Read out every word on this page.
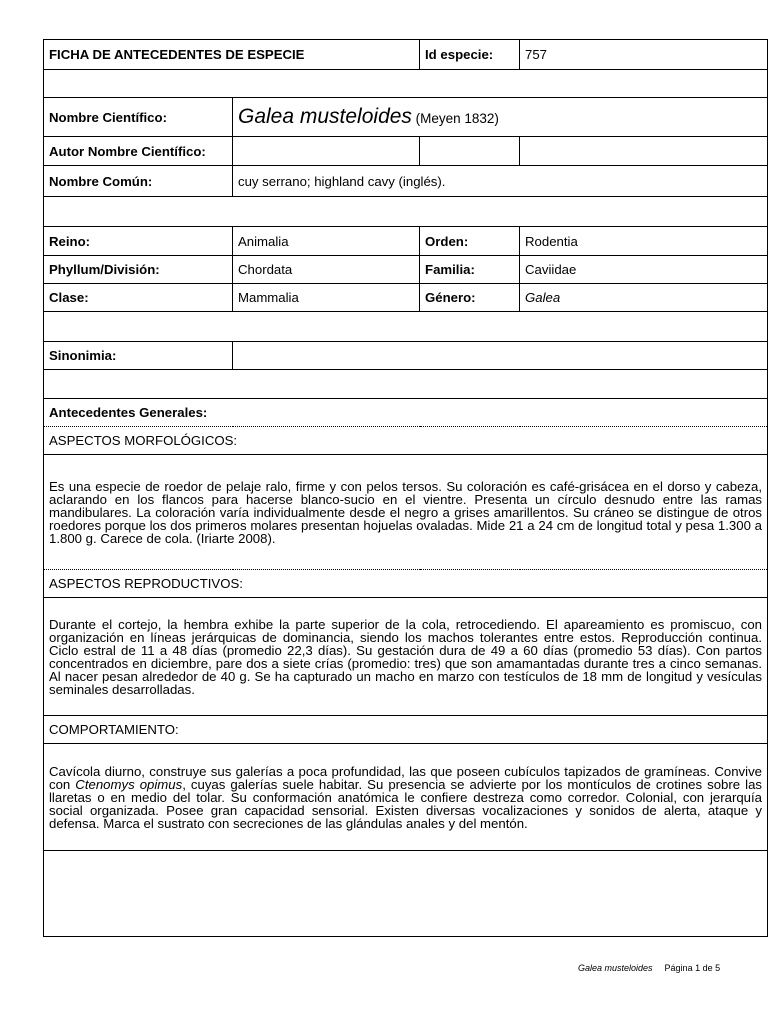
FICHA DE ANTECEDENTES DE ESPECIE		Id especie:	757

Nombre Científico:	Galea musteloides (Meyen 1832)		
Autor Nombre Científico:			
Nombre Común:	cuy serrano; highland cavy (inglés).		

Reino:	Animalia	Orden:	Rodentia
Phyllum/División:	Chordata	Familia:	Caviidae
Clase:	Mammalia	Género:	Galea

Sinonimia:			

Antecedentes Generales:			
ASPECTOS MORFOLÓGICOS:			
Es una especie de roedor de pelaje ralo, firme y con pelos tersos. Su coloración es café-grisácea en el dorso y cabeza, aclarando en los flancos para hacerse blanco-sucio en el vientre. Presenta un círculo desnudo entre las ramas mandibulares. La coloración varía individualmente desde el negro a grises amarillentos. Su cráneo se distingue de otros roedores porque los dos primeros molares presentan hojuelas ovaladas. Mide 21 a 24 cm de longitud total y pesa 1.300 a 1.800 g. Carece de cola. (Iriarte 2008).			
ASPECTOS REPRODUCTIVOS:			
Durante el cortejo, la hembra exhibe la parte superior de la cola, retrocediendo. El apareamiento es promiscuo, con organización en líneas jerárquicas de dominancia, siendo los machos tolerantes entre estos. Reproducción continua. Ciclo estral de 11 a 48 días (promedio 22,3 días). Su gestación dura de 49 a 60 días (promedio 53 días). Con partos concentrados en diciembre, pare dos a siete crías (promedio: tres) que son amamantadas durante tres a cinco semanas. Al nacer pesan alrededor de 40 g. Se ha capturado un macho en marzo con testículos de 18 mm de longitud y vesículas seminales desarrolladas.			
COMPORTAMIENTO:			
Cavícola diurno, construye sus galerías a poca profundidad, las que poseen cubículos tapizados de gramíneas. Convive con Ctenomys opimus, cuyas galerías suele habitar. Su presencia se advierte por los montículos de crotines sobre las llaretas o en medio del tolar. Su conformación anatómica le confiere destreza como corredor. Colonial, con jerarquía social organizada. Posee gran capacidad sensorial. Existen diversas vocalizaciones y sonidos de alerta, ataque y defensa. Marca el sustrato con secreciones de las glándulas anales y del mentón.			

Galea musteloides Página 1 de 5
